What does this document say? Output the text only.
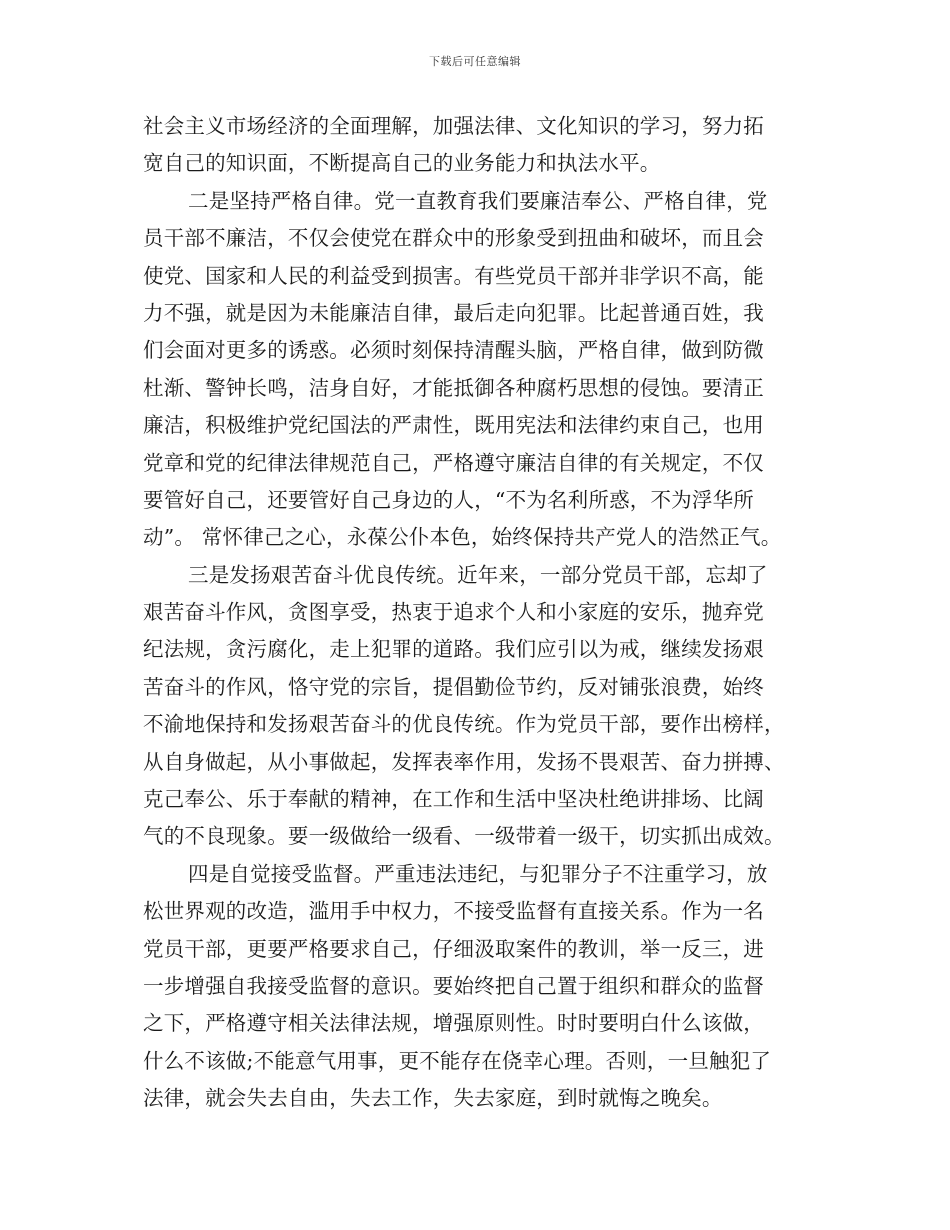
下载后可任意编辑
社会主义市场经济的全面理解，加强法律、文化知识的学习，努力拓
宽自己的知识面，不断提高自己的业务能力和执法水平。
二是坚持严格自律。党一直教育我们要廉洁奉公、严格自律，党
员干部不廉洁，不仅会使党在群众中的形象受到扭曲和破坏，而且会
使党、国家和人民的利益受到损害。有些党员干部并非学识不高，能
力不强，就是因为未能廉洁自律，最后走向犯罪。比起普通百姓，我
们会面对更多的诱惑。必须时刻保持清醒头脑，严格自律，做到防微
杜渐、警钟长鸣，洁身自好，才能抵御各种腐朽思想的侵蚀。要清正
廉洁，积极维护党纪国法的严肃性，既用宪法和法律约束自己，也用
党章和党的纪律法律规范自己，严格遵守廉洁自律的有关规定，不仅
要管好自己，还要管好自己身边的人，“不为名利所惑，不为浮华所
动”。 常怀律己之心，永葆公仆本色，始终保持共产党人的浩然正气。
三是发扬艰苦奋斗优良传统。近年来，一部分党员干部，忘却了
艰苦奋斗作风，贪图享受，热衷于追求个人和小家庭的安乐，抛弃党
纪法规，贪污腐化，走上犯罪的道路。我们应引以为戒，继续发扬艰
苦奋斗的作风，恪守党的宗旨，提倡勤俭节约，反对铺张浪费，始终
不渝地保持和发扬艰苦奋斗的优良传统。作为党员干部，要作出榜样，
从自身做起，从小事做起，发挥表率作用，发扬不畏艰苦、奋力拼搏、
克己奉公、乐于奉献的精神，在工作和生活中坚决杜绝讲排场、比阔
气的不良现象。要一级做给一级看、一级带着一级干，切实抓出成效。
四是自觉接受监督。严重违法违纪，与犯罪分子不注重学习，放
松世界观的改造，滥用手中权力，不接受监督有直接关系。作为一名
党员干部，更要严格要求自己，仔细汲取案件的教训，举一反三，进
一步增强自我接受监督的意识。要始终把自己置于组织和群众的监督
之下，严格遵守相关法律法规，增强原则性。时时要明白什么该做，
什么不该做;不能意气用事，更不能存在侥幸心理。否则，一旦触犯了
法律，就会失去自由，失去工作，失去家庭，到时就悔之晚矣。
